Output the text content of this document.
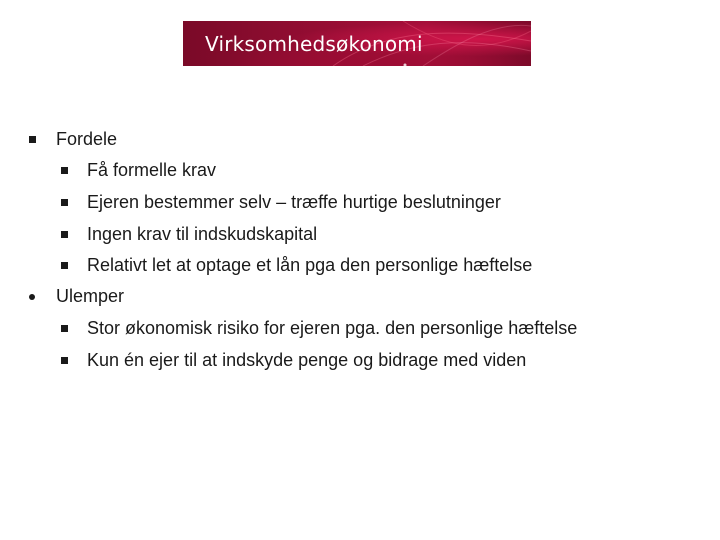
Virksomhedsøkonomi
Fordele
Få formelle krav
Ejeren bestemmer selv – træffe hurtige beslutninger
Ingen krav til indskudskapital
Relativt let at optage et lån pga den personlige hæftelse
Ulemper
Stor økonomisk risiko for ejeren pga. den personlige hæftelse
Kun én ejer til at indskyde penge og bidrage med viden
